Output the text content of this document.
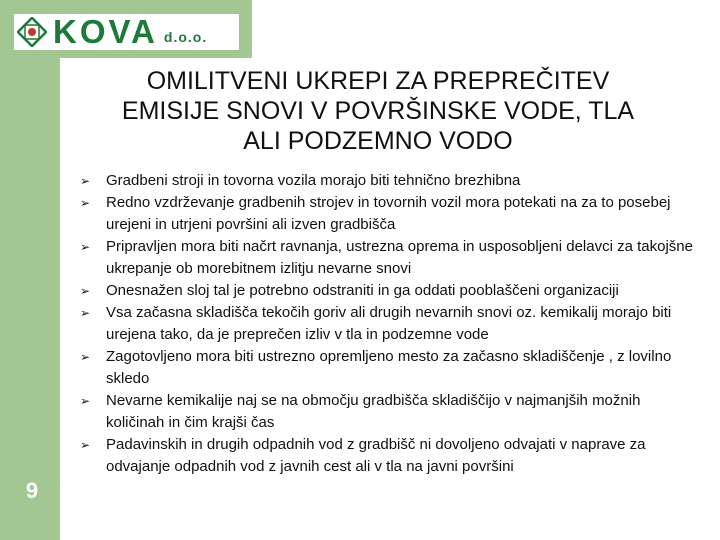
KOVA d.o.o.
OMILITVENI UKREPI ZA PREPREČITEV
EMISIJE SNOVI V POVRŠINSKE VODE, TLA
ALI PODZEMNO VODO
➢ Gradbeni stroji in tovorna vozila morajo biti tehnično brezhibna
➢ Redno vzdrževanje gradbenih strojev in tovornih vozil mora potekati na za to posebej urejeni in utrjeni površini ali izven gradbišča
➢ Pripravljen mora biti načrt ravnanja, ustrezna oprema in usposobljeni delavci za takojšne ukrepanje ob morebitnem izlitju nevarne snovi
➢ Onesnažen sloj tal je potrebno odstraniti in ga oddati pooblaščeni organizaciji
➢ Vsa začasna skladišča tekočih goriv ali drugih nevarnih snovi oz. kemikalij morajo biti urejena tako, da je preprečen izliv v tla in podzemne vode
➢ Zagotovljeno mora biti ustrezno opremljeno mesto za začasno skladiščenje , z lovilno skledo
➢ Nevarne kemikalije naj se na območju gradbišča skladiščijo v najmanjših možnih količinah in čim krajši čas
➢ Padavinskih in drugih odpadnih vod z gradbišč ni dovoljeno odvajati v naprave za odvajanje odpadnih vod z javnih cest ali v tla na javni površini
9
